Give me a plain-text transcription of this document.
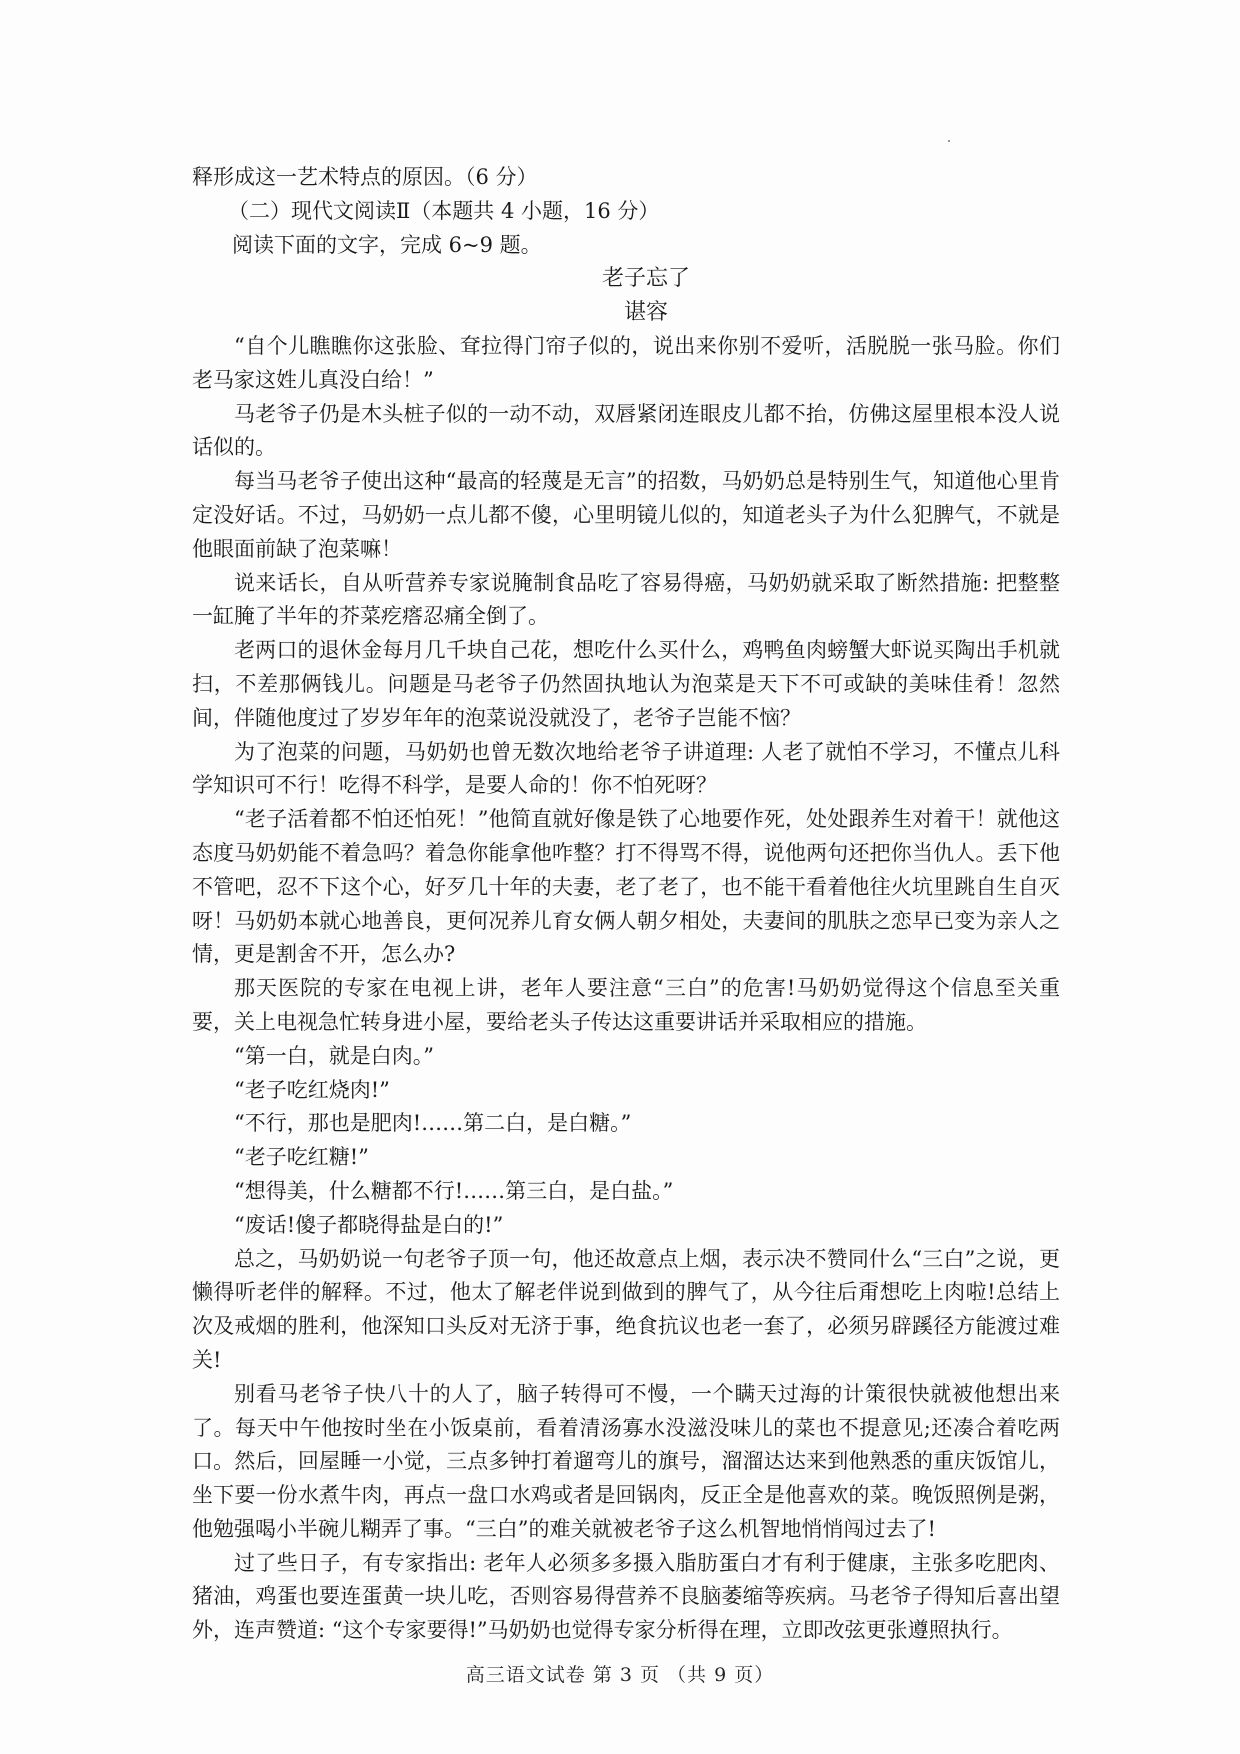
释形成这一艺术特点的原因。（6 分）
（二）现代文阅读Ⅱ（本题共 4 小题，16 分）
阅读下面的文字，完成 6~9 题。
老子忘了
谌容

“自个儿瞧瞧你这张脸、耷拉得门帘子似的，说出来你别不爱听，活脱脱一张马脸。你们老马家这姓儿真没白给！”

马老爷子仍是木头桩子似的一动不动，双唇紧闭连眼皮儿都不抬，仿佛这屋里根本没人说话似的。

每当马老爷子使出这种“最高的轻蔑是无言”的招数，马奶奶总是特别生气，知道他心里肯定没好话。不过，马奶奶一点儿都不傻，心里明镜儿似的，知道老头子为什么犯脾气，不就是他眼面前缺了泡菜嘛！

说来话长，自从听营养专家说腌制食品吃了容易得癌，马奶奶就采取了断然措施: 把整整一缸腌了半年的芥菜疙瘩忍痛全倒了。

老两口的退休金每月几千块自己花，想吃什么买什么，鸡鸭鱼肉螃蟹大虾说买陶出手机就扫，不差那俩钱儿。问题是马老爷子仍然固执地认为泡菜是天下不可或缺的美味佳肴！忽然间，伴随他度过了岁岁年年的泡菜说没就没了，老爷子岂能不恼？

为了泡菜的问题，马奶奶也曾无数次地给老爷子讲道理: 人老了就怕不学习，不懂点儿科学知识可不行！吃得不科学，是要人命的！你不怕死呀？

“老子活着都不怕还怕死！”他简直就好像是铁了心地要作死，处处跟养生对着干！就他这态度马奶奶能不着急吗？着急你能拿他咋整？打不得骂不得，说他两句还把你当仇人。丢下他不管吧，忍不下这个心，好歹几十年的夫妻，老了老了，也不能干看着他往火坑里跳自生自灭呀！马奶奶本就心地善良，更何况养儿育女俩人朝夕相处，夫妻间的肌肤之恋早已变为亲人之情，更是割舍不开，怎么办?

那天医院的专家在电视上讲，老年人要注意“三白”的危害!马奶奶觉得这个信息至关重要，关上电视急忙转身进小屋，要给老头子传达这重要讲话并采取相应的措施。

“第一白，就是白肉。”

“老子吃红烧肉!”

“不行，那也是肥肉!……第二白，是白糖。”

“老子吃红糖!”

“想得美，什么糖都不行!……第三白，是白盐。”

“废话!傻子都晓得盐是白的!”

总之，马奶奶说一句老爷子顶一句，他还故意点上烟，表示决不赞同什么“三白”之说，更懒得听老伴的解释。不过，他太了解老伴说到做到的脾气了，从今往后甭想吃上肉啦!总结上次及戒烟的胜利，他深知口头反对无济于事，绝食抗议也老一套了，必须另辟蹊径方能渡过难关!

别看马老爷子快八十的人了，脑子转得可不慢，一个瞒天过海的计策很快就被他想出来了。每天中午他按时坐在小饭桌前，看着清汤寡水没滋没味儿的菜也不提意见;还凑合着吃两口。然后，回屋睡一小觉，三点多钟打着遛弯儿的旗号，溜溜达达来到他熟悉的重庆饭馆儿，坐下要一份水煮牛肉，再点一盘口水鸡或者是回锅肉，反正全是他喜欢的菜。晚饭照例是粥，他勉强喝小半碗儿糊弄了事。“三白”的难关就被老爷子这么机智地悄悄闯过去了!

过了些日子，有专家指出: 老年人必须多多摄入脂肪蛋白才有利于健康，主张多吃肥肉、猪油，鸡蛋也要连蛋黄一块儿吃，否则容易得营养不良脑萎缩等疾病。马老爷子得知后喜出望外，连声赞道: “这个专家要得!”马奶奶也觉得专家分析得在理，立即改弦更张遵照执行。

高三语文试卷 第 3 页 （共 9 页）
